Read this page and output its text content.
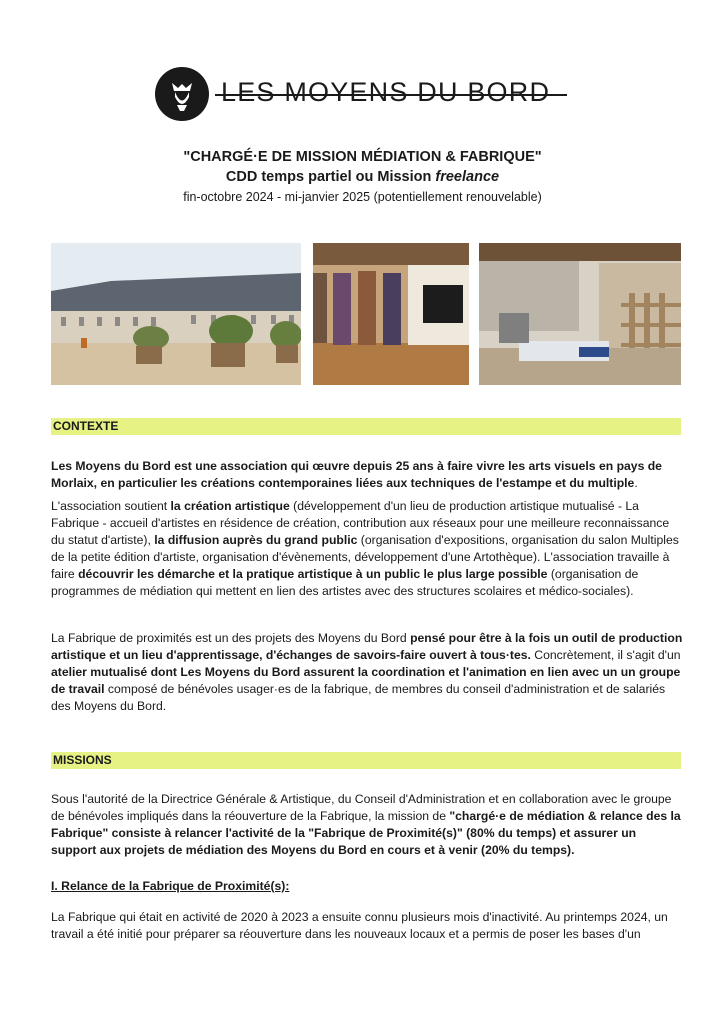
LES MOYENS DU BORD
"CHARGÉ·E DE MISSION MÉDIATION & FABRIQUE"
CDD temps partiel ou Mission freelance
fin-octobre 2024 - mi-janvier 2025 (potentiellement renouvelable)
CONTEXTE
Les Moyens du Bord est une association qui œuvre depuis 25 ans à faire vivre les arts visuels en pays de Morlaix, en particulier les créations contemporaines liées aux techniques de l'estampe et du multiple.
L'association soutient la création artistique (développement d'un lieu de production artistique mutualisé - La Fabrique - accueil d'artistes en résidence de création, contribution aux réseaux pour une meilleure reconnaissance du statut d'artiste), la diffusion auprès du grand public (organisation d'expositions, organisation du salon Multiples de la petite édition d'artiste, organisation d'évènements, développement d'une Artothèque). L'association travaille à faire découvrir les démarche et la pratique artistique à un public le plus large possible (organisation de programmes de médiation qui mettent en lien des artistes avec des structures scolaires et médico-sociales).
La Fabrique de proximités est un des projets des Moyens du Bord pensé pour être à la fois un outil de production artistique et un lieu d'apprentissage, d'échanges de savoirs-faire ouvert à tous·tes. Concrètement, il s'agit d'un atelier mutualisé dont Les Moyens du Bord assurent la coordination et l'animation en lien avec un un groupe de travail composé de bénévoles usager·es de la fabrique, de membres du conseil d'administration et de salariés des Moyens du Bord.
MISSIONS
Sous l'autorité de la Directrice Générale & Artistique, du Conseil d'Administration et en collaboration avec le groupe de bénévoles impliqués dans la réouverture de la Fabrique, la mission de "chargé·e de médiation & relance des la Fabrique" consiste à relancer l'activité de la "Fabrique de Proximité(s)" (80% du temps) et assurer un support aux projets de médiation des Moyens du Bord en cours et à venir (20% du temps).
I. Relance de la Fabrique de Proximité(s):
La Fabrique qui était en activité de 2020 à 2023 a ensuite connu plusieurs mois d'inactivité. Au printemps 2024, un travail a été initié pour préparer sa réouverture dans les nouveaux locaux et a permis de poser les bases d'un
